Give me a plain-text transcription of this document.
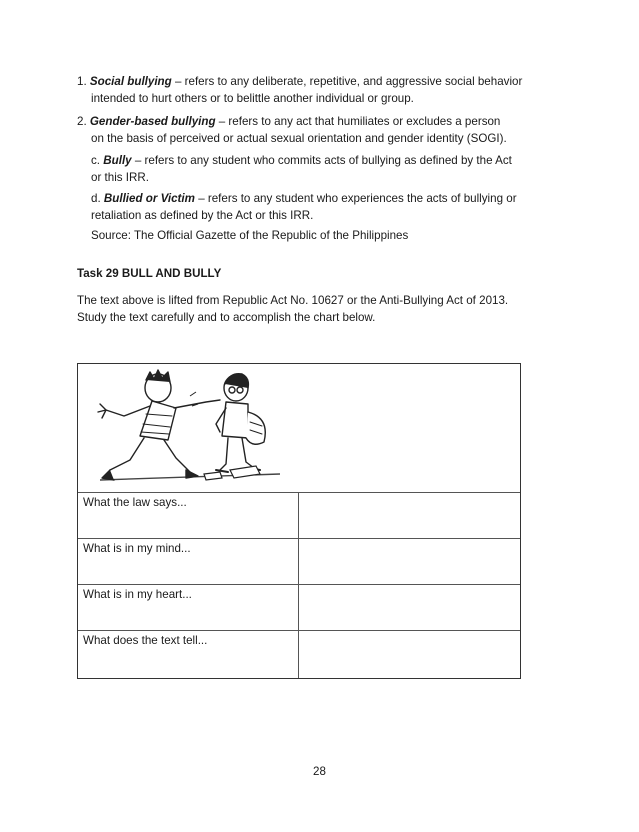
1. Social bullying – refers to any deliberate, repetitive, and aggressive social behavior
intended to hurt others or to belittle another individual or group.
2. Gender-based bullying – refers to any act that humiliates or excludes a person
on the basis of perceived or actual sexual orientation and gender identity (SOGI).
c. Bully – refers to any student who commits acts of bullying as defined by the Act
or this IRR.
d. Bullied or Victim – refers to any student who experiences the acts of bullying or
retaliation as defined by the Act or this IRR.
Source: The Official Gazette of the Republic of the Philippines
Task 29 BULL AND BULLY
The text above is lifted from Republic Act No. 10627 or the Anti-Bullying Act of 2013.
Study the text carefully and to accomplish the chart below.
What the law says...
What is in my mind...
What is in my heart...
What does the text tell...
28
